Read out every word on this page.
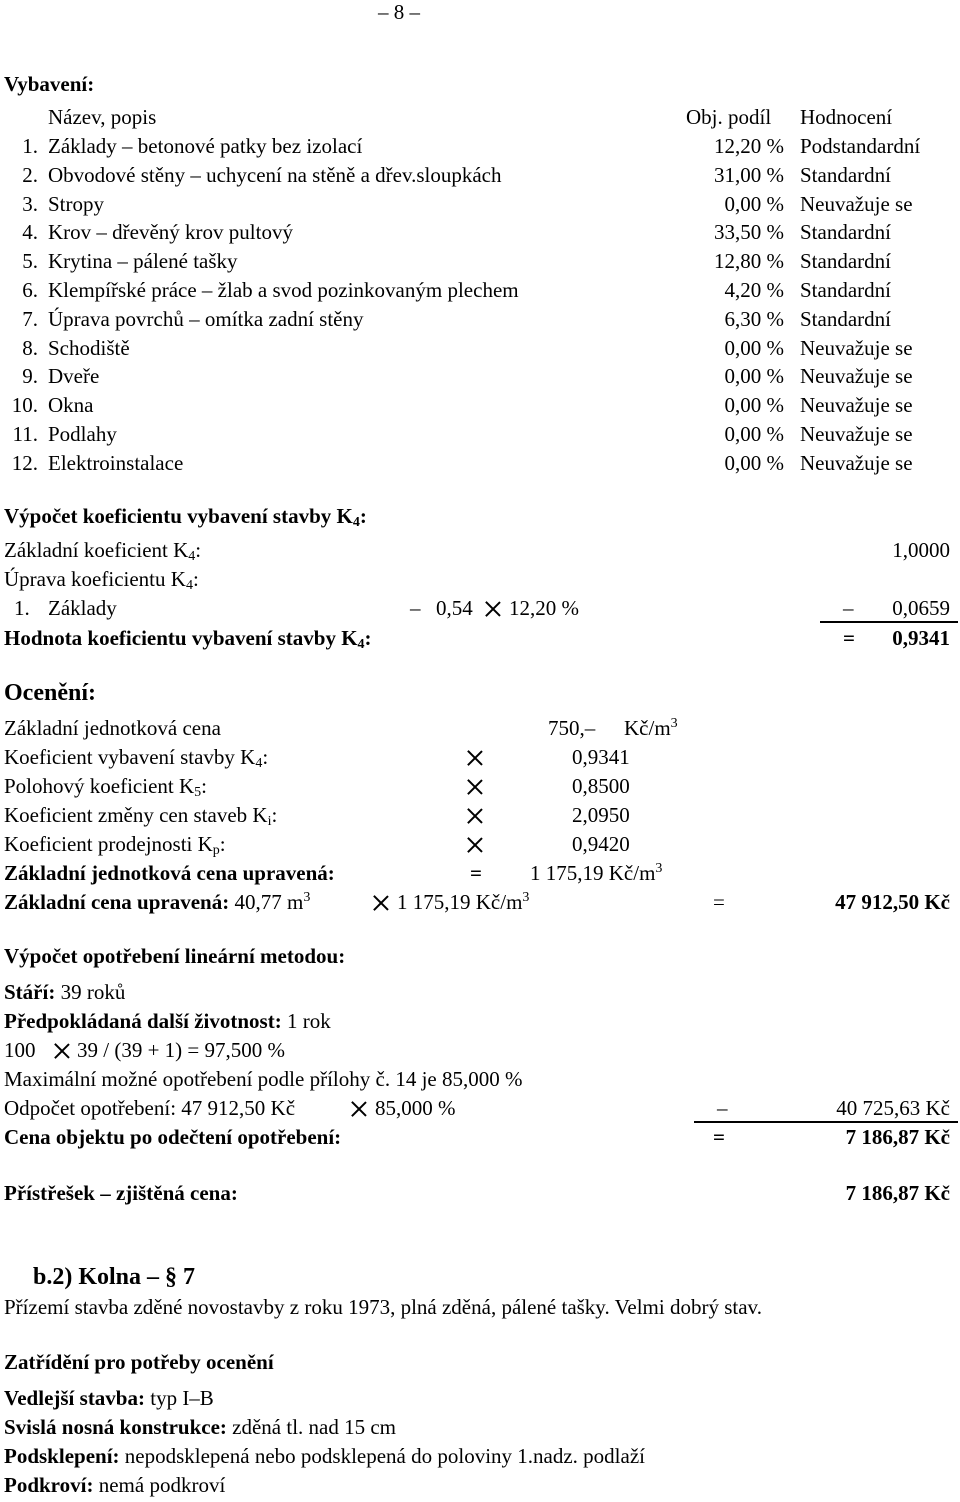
– 8 –
Vybavení:
Název, popis	Obj. podíl Hodnocení
1. Základy – betonové patky bez izolací	12,20 % Podstandardní
2. Obvodové stěny – uchycení na stěně a dřev.sloupkách	31,00 % Standardní
3. Stropy	0,00 % Neuvažuje se
4. Krov – dřevěný krov pultový	33,50 % Standardní
5. Krytina – pálené tašky	12,80 % Standardní
6. Klempířské práce – žlab a svod pozinkovaným plechem	4,20 % Standardní
7. Úprava povrchů – omítka zadní stěny	6,30 % Standardní
8. Schodiště	0,00 % Neuvažuje se
9. Dveře	0,00 % Neuvažuje se
10. Okna	0,00 % Neuvažuje se
11. Podlahy	0,00 % Neuvažuje se
12. Elektroinstalace	0,00 % Neuvažuje se
Výpočet koeficientu vybavení stavby $K_4$:
Základní koeficient $K_4$:	1,0000
Úprava koeficientu $K_4$:
1. Základy	– 0,54 12,20 %	– 0,0659
Hodnota koeficientu vybavení stavby $K_4$:	= 0,9341
Ocenění:
Základní jednotková cena	750,– $Kč/m^3$
Koeficient vybavení stavby $K_4$:	0,9341
Polohový koeficient $K_5$:	0,8500
Koeficient změny cen staveb $K_i$:	2,0950
Koeficient prodejnosti $K_p$:	0,9420
Základní jednotková cena upravená:	= 1 175,19 $Kč/m^3$
Základní cena upravená: 40,77 $m^3$	1 175,19 $Kč/m^3$	=	47 912,50 Kč
Výpočet opotřebení lineární metodou:
Stáří: 39 roků
Předpokládaná další životnost: 1 rok
100 39 / (39 + 1) = 97,500 %
Maximální možné opotřebení podle přílohy č. 14 je 85,000 %
Odpočet opotřebení: 47 912,50 Kč	85,000 %	–	40 725,63 Kč
Cena objektu po odečtení opotřebení:	=	7 186,87 Kč
Přístřešek – zjištěná cena:	7 186,87 Kč
b.2) Kolna – § 7
Přízemí stavba zděné novostavby z roku 1973, plná zděná, pálené tašky. Velmi dobrý stav.
Zatřídění pro potřeby ocenění
Vedlejší stavba: typ I–B
Svislá nosná konstrukce: zděná tl. nad 15 cm
Podsklepení: nepodsklepená nebo podsklepená do poloviny 1.nadz. podlaží
Podkroví: nemá podkroví
